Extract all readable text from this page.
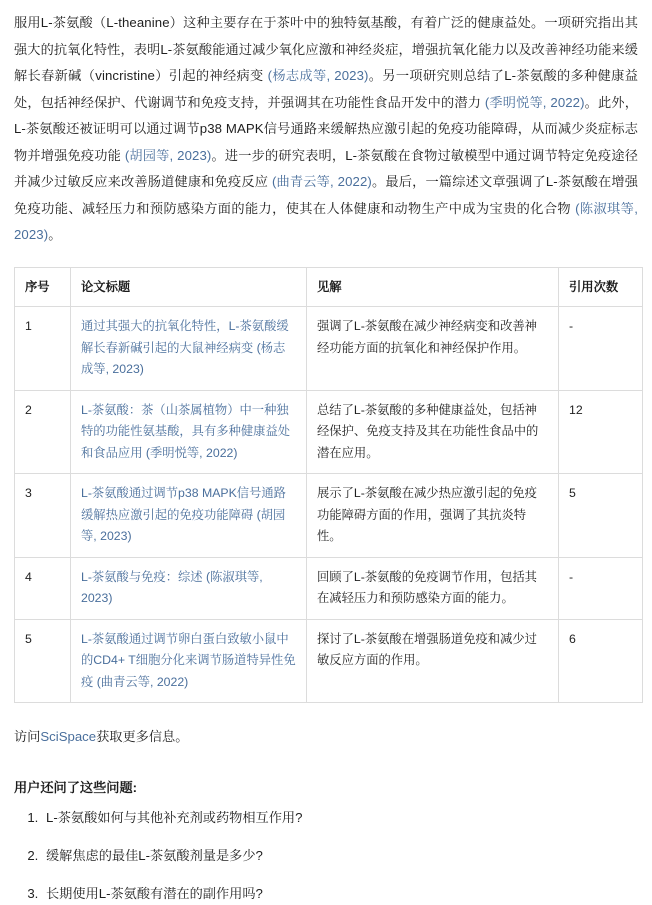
服用L-茶氨酸（L-theanine）这种主要存在于茶叶中的独特氨基酸，有着广泛的健康益处。一项研究指出其强大的抗氧化特性，表明L-茶氨酸能通过减少氧化应激和神经炎症，增强抗氧化能力以及改善神经功能来缓解长春新碱（vincristine）引起的神经病变 (杨志成等, 2023)。另一项研究则总结了L-茶氨酸的多种健康益处，包括神经保护、代谢调节和免疫支持，并强调其在功能性食品开发中的潜力 (季明悦等, 2022)。此外，L-茶氨酸还被证明可以通过调节p38 MAPK信号通路来缓解热应激引起的免疫功能障碍，从而减少炎症标志物并增强免疫功能 (胡园等, 2023)。进一步的研究表明，L-茶氨酸在食物过敏模型中通过调节特定免疫途径并减少过敏反应来改善肠道健康和免疫反应 (曲青云等, 2022)。最后，一篇综述文章强调了L-茶氨酸在增强免疫功能、减轻压力和预防感染方面的能力，使其在人体健康和动物生产中成为宝贵的化合物 (陈淑琪等, 2023)。

序号	论文标题	见解	引用次数
1	通过其强大的抗氧化特性，L-茶氨酸缓解长春新碱引起的大鼠神经病变 (杨志成等, 2023)	强调了L-茶氨酸在减少神经病变和改善神经功能方面的抗氧化和神经保护作用。	-
2	L-茶氨酸：茶（山茶属植物）中一种独特的功能性氨基酸，具有多种健康益处和食品应用 (季明悦等, 2022)	总结了L-茶氨酸的多种健康益处，包括神经保护、免疫支持及其在功能性食品中的潜在应用。	12
3	L-茶氨酸通过调节p38 MAPK信号通路缓解热应激引起的免疫功能障碍 (胡园等, 2023)	展示了L-茶氨酸在减少热应激引起的免疫功能障碍方面的作用，强调了其抗炎特性。	5
4	L-茶氨酸与免疫：综述 (陈淑琪等, 2023)	回顾了L-茶氨酸的免疫调节作用，包括其在减轻压力和预防感染方面的能力。	-
5	L-茶氨酸通过调节卵白蛋白致敏小鼠中的CD4+ T细胞分化来调节肠道特异性免疫 (曲青云等, 2022)	探讨了L-茶氨酸在增强肠道免疫和减少过敏反应方面的作用。	6

访问SciSpace获取更多信息。

用户还问了这些问题:
1. L-茶氨酸如何与其他补充剂或药物相互作用?
2. 缓解焦虑的最佳L-茶氨酸剂量是多少?
3. 长期使用L-茶氨酸有潜在的副作用吗?
